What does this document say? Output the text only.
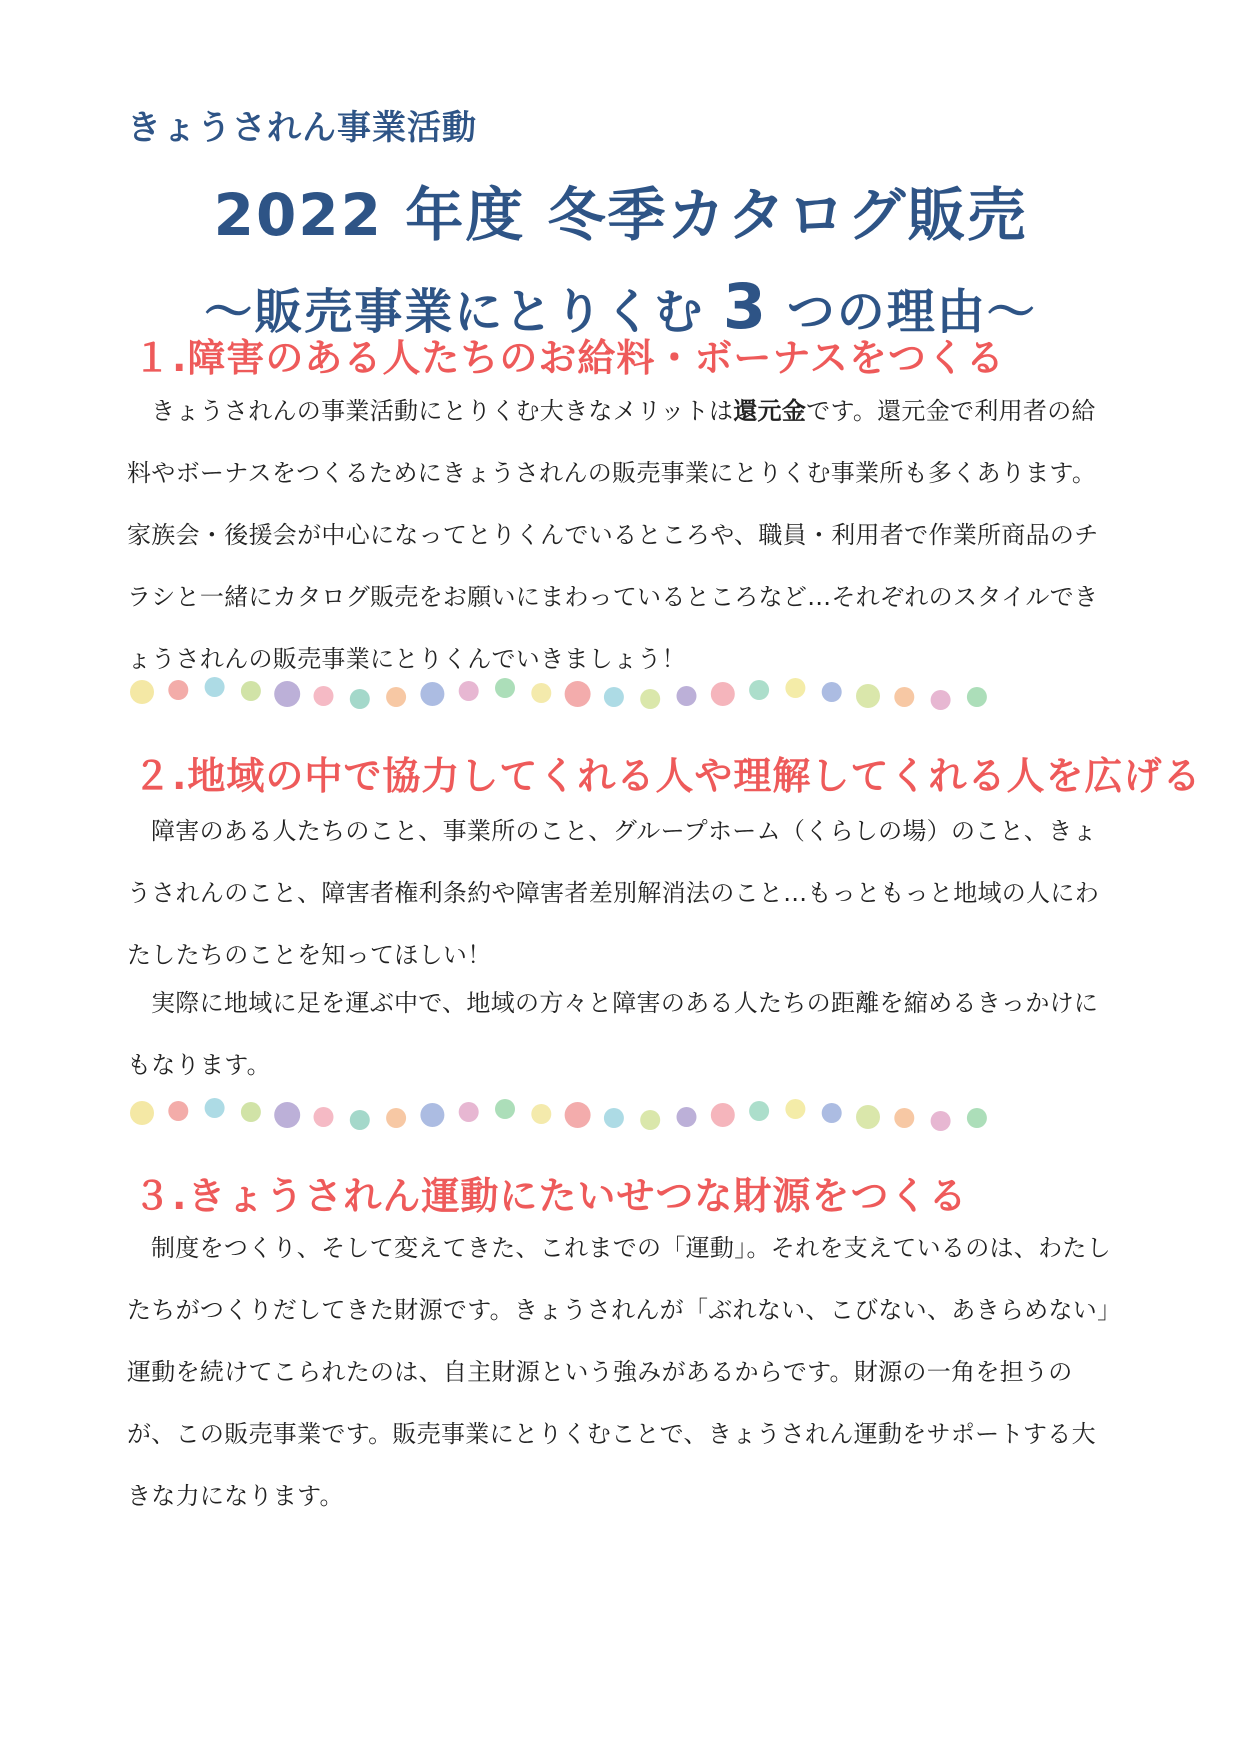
きょうされん事業活動
2022 年度 冬季カタログ販売
～販売事業にとりくむ 3 つの理由～
１.障害のある人たちのお給料・ボーナスをつくる

きょうされんの事業活動にとりくむ大きなメリットは還元金です。還元金で利用者の給料やボーナスをつくるためにきょうされんの販売事業にとりくむ事業所も多くあります。家族会・後援会が中心になってとりくんでいるところや、職員・利用者で作業所商品のチラシと一緒にカタログ販売をお願いにまわっているところなど…それぞれのスタイルできょうされんの販売事業にとりくんでいきましょう！

２.地域の中で協力してくれる人や理解してくれる人を広げる

障害のある人たちのこと、事業所のこと、グループホーム（くらしの場）のこと、きょうされんのこと、障害者権利条約や障害者差別解消法のこと…もっともっと地域の人にわたしたちのことを知ってほしい！

実際に地域に足を運ぶ中で、地域の方々と障害のある人たちの距離を縮めるきっかけにもなります。

３.きょうされん運動にたいせつな財源をつくる

制度をつくり、そして変えてきた、これまでの「運動」。それを支えているのは、わたしたちがつくりだしてきた財源です。きょうされんが「ぶれない、こびない、あきらめない」運動を続けてこられたのは、自主財源という強みがあるからです。財源の一角を担うのが、この販売事業です。販売事業にとりくむことで、きょうされん運動をサポートする大きな力になります。
